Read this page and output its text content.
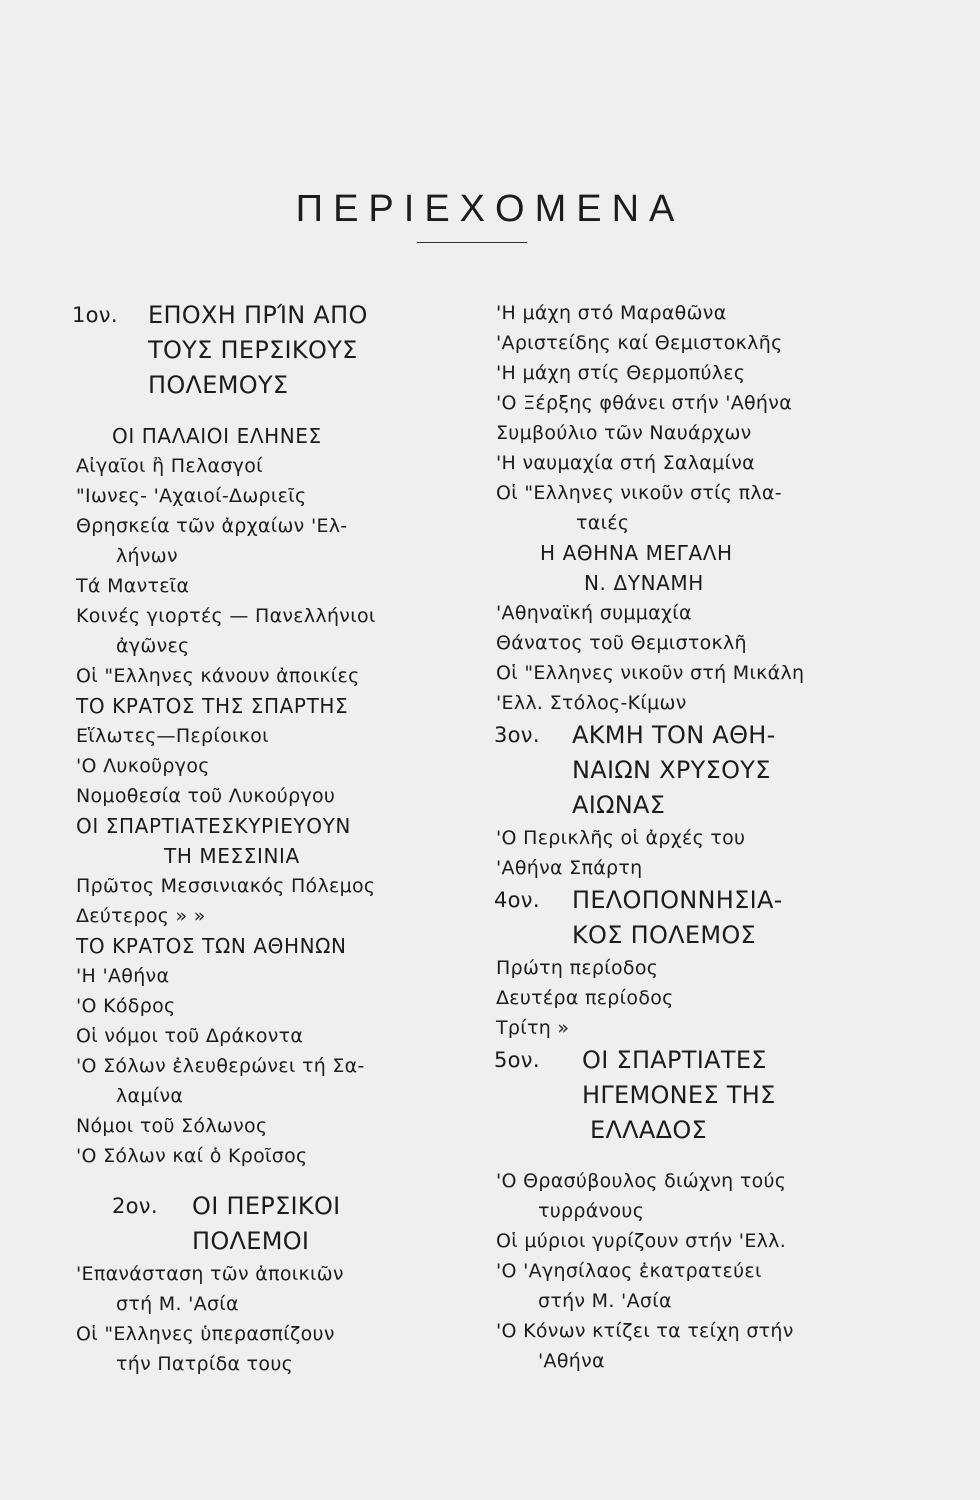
ΠΕΡΙΕΧΟΜΕΝΑ
1ον. ΕΠΟΧΗ ΠΡΊΝ ΑΠΟ
ΤΟΥΣ ΠΕΡΣΙΚΟΥΣ
ΠΟΛΕΜΟΥΣ
ΟΙ ΠΑΛΑΙΟΙ ΕΛΗΝΕΣ
Αἰγαῖοι ἢ Πελασγοί
"Ιωνες- 'Αχαιοί-Δωριεῖς
Θρησκεία τῶν ἀρχαίων 'Ελ-
λήνων
Τά Μαντεῖα
Κοινές γιορτές — Πανελλήνιοι
ἀγῶνες
Οἱ "Ελληνες κάνουν ἀποικίες
ΤΟ ΚΡΑΤΟΣ ΤΗΣ ΣΠΑΡΤΗΣ
Εἵλωτες—Περίοικοι
'Ο Λυκοῦργος
Νομοθεσία τοῦ Λυκούργου
ΟΙ ΣΠΑΡΤΙΑΤΕΣΚΥΡΙΕΥΟΥΝ
ΤΗ ΜΕΣΣΙΝΙΑ
Πρῶτος Μεσσινιακός Πόλεμος
Δεύτερος » »
ΤΟ ΚΡΑΤΟΣ ΤΩΝ ΑΘΗΝΩΝ
'Η 'Αθήνα
'Ο Κόδρος
Οἱ νόμοι τοῦ Δράκοντα
'Ο Σόλων ἐλευθερώνει τή Σα-
λαμίνα
Νόμοι τοῦ Σόλωνος
'Ο Σόλων καί ὁ Κροῖσος
2ον. ΟΙ ΠΕΡΣΙΚΟΙ
ΠΟΛΕΜΟΙ
'Επανάσταση τῶν ἀποικιῶν
στή Μ. 'Ασία
Οἱ "Ελληνες ὑπερασπίζουν
τήν Πατρίδα τους
'Η μάχη στό Μαραθῶνα
'Αριστείδης καί Θεμιστοκλῆς
'Η μάχη στίς Θερμοπύλες
'Ο Ξέρξης φθάνει στήν 'Αθήνα
Συμβούλιο τῶν Ναυάρχων
'Η ναυμαχία στή Σαλαμίνα
Οἱ "Ελληνες νικοῦν στίς πλα-
ταιές
Η ΑΘΗΝΑ ΜΕΓΑΛΗ
Ν. ΔΥΝΑΜΗ
'Αθηναϊκή συμμαχία
Θάνατος τοῦ Θεμιστοκλῆ
Οἱ "Ελληνες νικοῦν στή Μικάλη
'Ελλ. Στόλος-Κίμων
3ον. ΑΚΜΗ ΤΟΝ ΑΘΗ-
ΝΑΙΩΝ ΧΡΥΣΟΥΣ
ΑΙΩΝΑΣ
'Ο Περικλῆς οἱ ἀρχές του
'Αθήνα Σπάρτη
4ον. ΠΕΛΟΠΟΝΝΗΣΙΑ-
ΚΟΣ ΠΟΛΕΜΟΣ
Πρώτη περίοδος
Δευτέρα περίοδος
Τρίτη »
5ον. ΟΙ ΣΠΑΡΤΙΑΤΕΣ
ΗΓΕΜΟΝΕΣ ΤΗΣ
ΕΛΛΑΔΟΣ
'Ο Θρασύβουλος διώχνη τούς
τυρράνους
Οἱ μύριοι γυρίζουν στήν 'Ελλ.
'Ο 'Αγησίλαος ἐκατρατεύει
στήν Μ. 'Ασία
'Ο Κόνων κτίζει τα τείχη στήν
'Αθήνα
